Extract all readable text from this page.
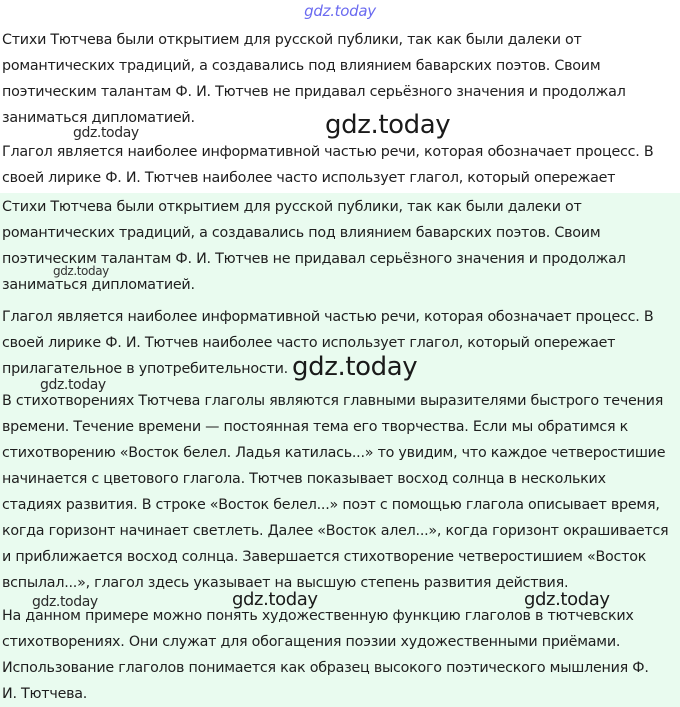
gdz.today
Стихи Тютчева были открытием для русской публики, так как были далеки от
романтических традиций, а создавались под влиянием баварских поэтов. Своим
поэтическим талантам Ф. И. Тютчев не придавал серьёзного значения и продолжал
заниматься дипломатией.
Глагол является наиболее информативной частью речи, которая обозначает процесс. В
своей лирике Ф. И. Тютчев наиболее часто использует глагол, который опережает
Стихи Тютчева были открытием для русской публики, так как были далеки от
романтических традиций, а создавались под влиянием баварских поэтов. Своим
поэтическим талантам Ф. И. Тютчев не придавал серьёзного значения и продолжал
заниматься дипломатией.
Глагол является наиболее информативной частью речи, которая обозначает процесс. В
своей лирике Ф. И. Тютчев наиболее часто использует глагол, который опережает
прилагательное в употребительности.
В стихотворениях Тютчева глаголы являются главными выразителями быстрого течения
времени. Течение времени — постоянная тема его творчества. Если мы обратимся к
стихотворению «Восток белел. Ладья катилась...» то увидим, что каждое четверостишие
начинается с цветового глагола. Тютчев показывает восход солнца в нескольких
стадиях развития. В строке «Восток белел...» поэт с помощью глагола описывает время,
когда горизонт начинает светлеть. Далее «Восток алел...», когда горизонт окрашивается
и приближается восход солнца. Завершается стихотворение четверостишием «Восток
вспылал...», глагол здесь указывает на высшую степень развития действия.
На данном примере можно понять художественную функцию глаголов в тютчевских
стихотворениях. Они служат для обогащения поэзии художественными приёмами.
Использование глаголов понимается как образец высокого поэтического мышления Ф.
И. Тютчева.
gdz.today	gdz.today
gdz.today
gdz.today
gdz.today
gdz.today	gdz.today	gdz.today
